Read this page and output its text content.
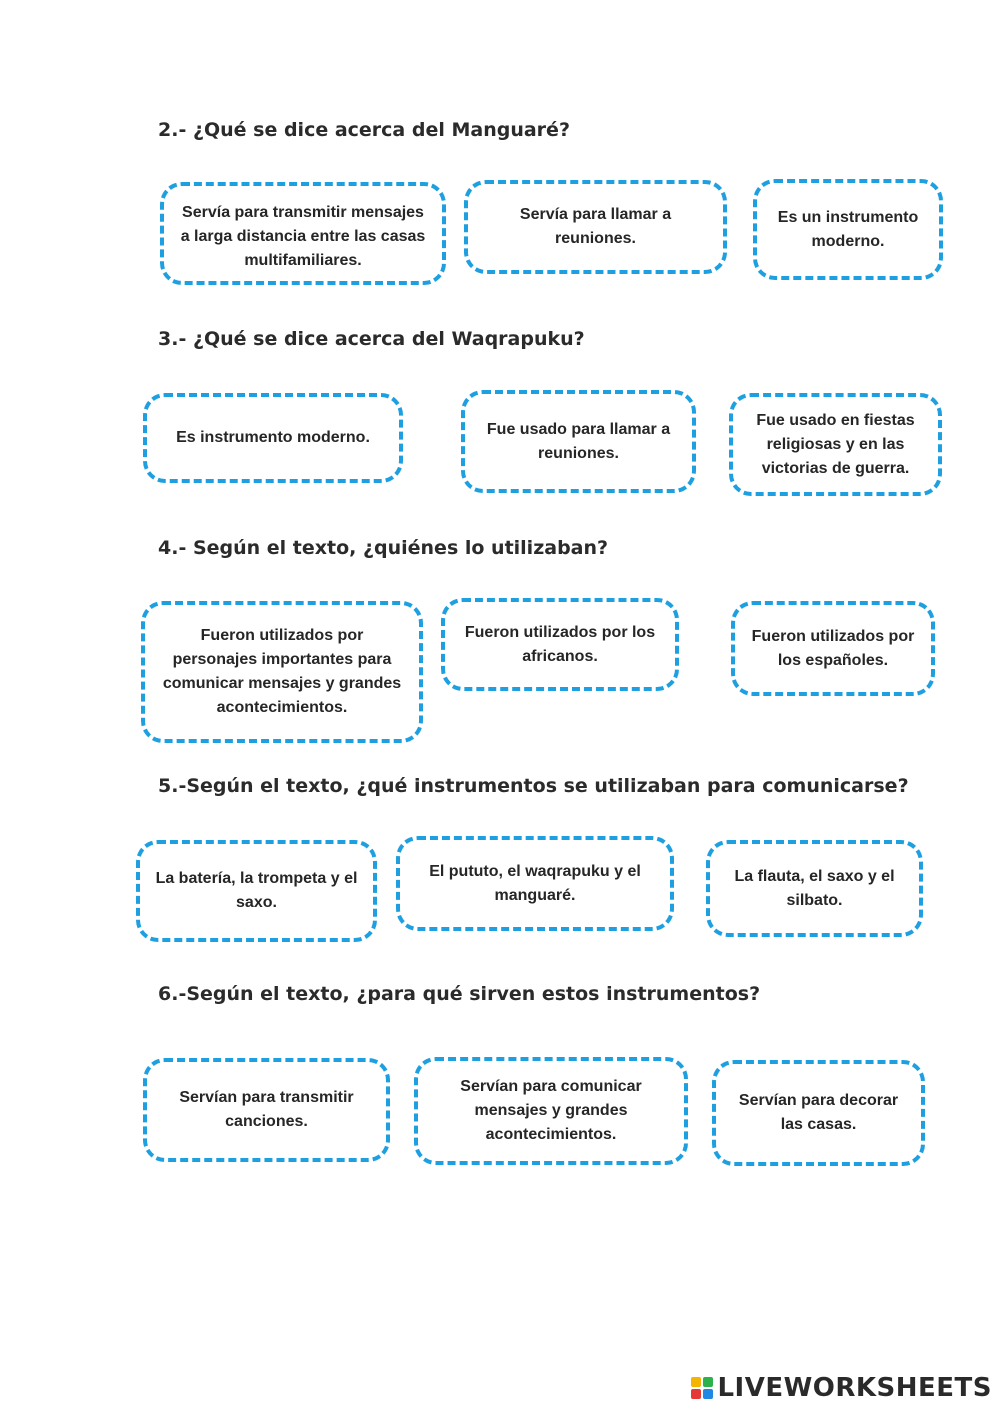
2.- ¿Qué se dice acerca del Manguaré?
Servía para transmitir mensajes a larga distancia entre las casas multifamiliares.
Servía para llamar a reuniones.
Es un instrumento moderno.
3.- ¿Qué se dice acerca del Waqrapuku?
Es instrumento moderno.	Fue usado para llamar a reuniones.
Fue usado en fiestas religiosas y en las victorias de guerra.
4.- Según el texto, ¿quiénes lo utilizaban?
Fueron utilizados por personajes importantes para comunicar mensajes y grandes acontecimientos.
Fueron utilizados por los africanos.
Fueron utilizados por los españoles.
5.-Según el texto, ¿qué instrumentos se utilizaban para comunicarse?
La batería, la trompeta y el saxo.
El pututo, el waqrapuku y el manguaré.
La flauta, el saxo y el silbato.
6.-Según el texto, ¿para qué sirven estos instrumentos?
Servían para transmitir canciones.
Servían para comunicar mensajes y grandes acontecimientos.
Servían para decorar las casas.
LIVEWORKSHEETS
